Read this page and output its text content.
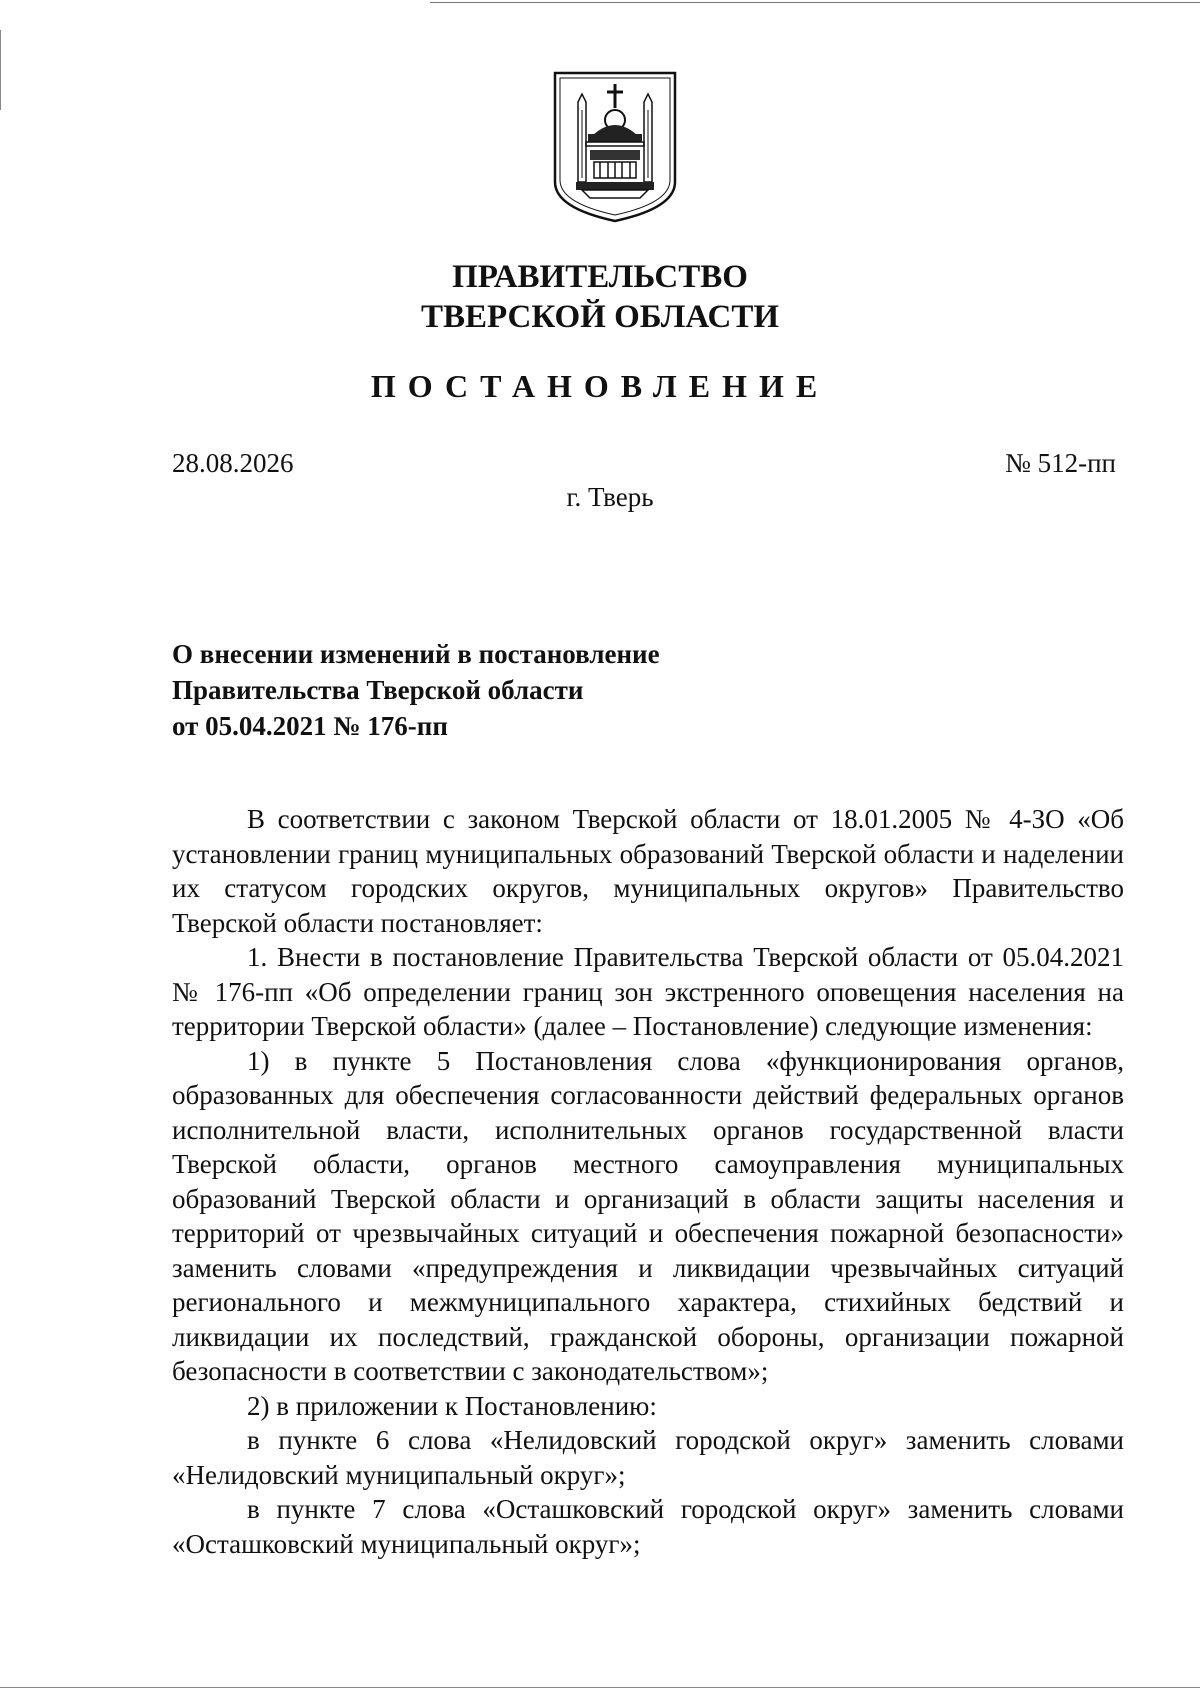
ПРАВИТЕЛЬСТВО
ТВЕРСКОЙ ОБЛАСТИ
ПОСТАНОВЛЕНИЕ
28.08.2026	№ 512-пп
г. Тверь
О внесении изменений в постановление
Правительства Тверской области
от 05.04.2021 № 176-пп

В соответствии с законом Тверской области от 18.01.2005 № 4-ЗО «Об установлении границ муниципальных образований Тверской области и наделении их статусом городских округов, муниципальных округов» Правительство Тверской области постановляет:

1. Внести в постановление Правительства Тверской области от 05.04.2021 № 176-пп «Об определении границ зон экстренного оповещения населения на территории Тверской области» (далее – Постановление) следующие изменения:

1) в пункте 5 Постановления слова «функционирования органов, образованных для обеспечения согласованности действий федеральных органов исполнительной власти, исполнительных органов государственной власти Тверской области, органов местного самоуправления муниципальных образований Тверской области и организаций в области защиты населения и территорий от чрезвычайных ситуаций и обеспечения пожарной безопасности» заменить словами «предупреждения и ликвидации чрезвычайных ситуаций регионального и межмуниципального характера, стихийных бедствий и ликвидации их последствий, гражданской обороны, организации пожарной безопасности в соответствии с законодательством»;

2) в приложении к Постановлению:

в пункте 6 слова «Нелидовский городской округ» заменить словами «Нелидовский муниципальный округ»;

в пункте 7 слова «Осташковский городской округ» заменить словами «Осташковский муниципальный округ»;
